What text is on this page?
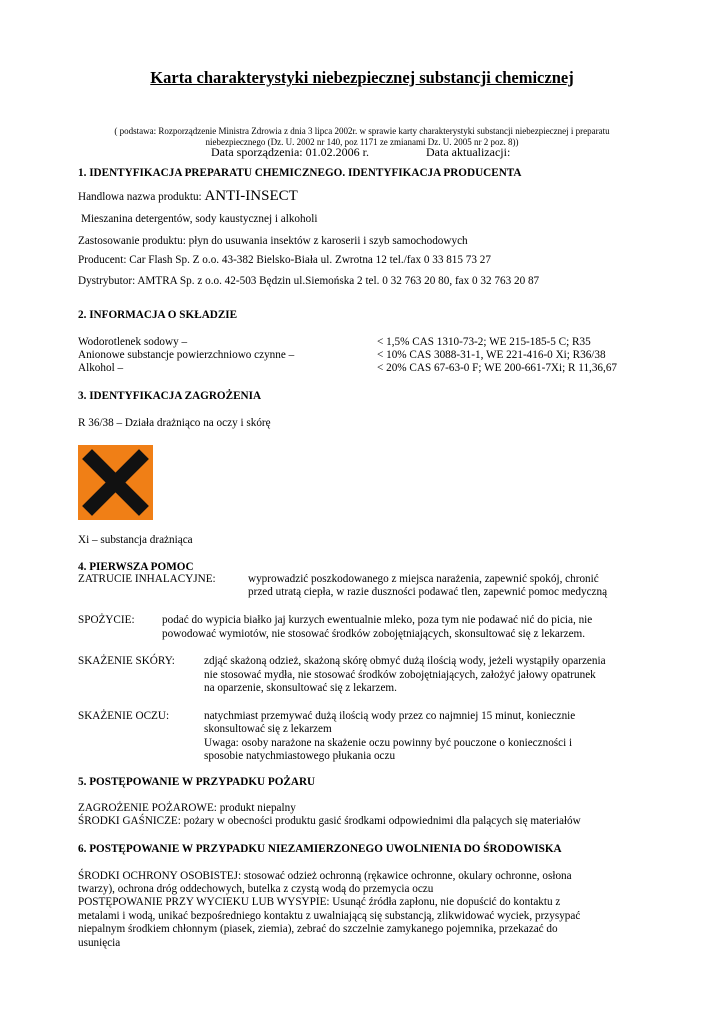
Karta charakterystyki niebezpiecznej substancji chemicznej
( podstawa: Rozporządzenie Ministra Zdrowia z dnia 3 lipca 2002r. w sprawie karty charakterystyki substancji niebezpiecznej i preparatu
niebezpiecznego (Dz. U. 2002 nr 140, poz 1171 ze zmianami Dz. U. 2005 nr 2 poz. 8))
Data sporządzenia: 01.02.2006 r.	Data aktualizacji:
1. IDENTYFIKACJA PREPARATU CHEMICZNEGO. IDENTYFIKACJA PRODUCENTA
Handlowa nazwa produktu: ANTI-INSECT
Mieszanina detergentów, sody kaustycznej i alkoholi
Zastosowanie produktu: płyn do usuwania insektów z karoserii i szyb samochodowych
Producent: Car Flash Sp. Z o.o. 43-382 Bielsko-Biała ul. Zwrotna 12 tel./fax 0 33 815 73 27
Dystrybutor: AMTRA Sp. z o.o. 42-503 Będzin ul.Siemońska 2 tel. 0 32 763 20 80, fax 0 32 763 20 87
2. INFORMACJA O SKŁADZIE
Wodorotlenek sodowy –	< 1,5% CAS 1310-73-2; WE 215-185-5 C; R35
Anionowe substancje powierzchniowo czynne –	< 10% CAS 3088-31-1, WE 221-416-0 Xi; R36/38
Alkohol –	< 20% CAS 67-63-0 F; WE 200-661-7Xi; R 11,36,67
3. IDENTYFIKACJA ZAGROŻENIA
R 36/38 – Działa drażniąco na oczy i skórę
Xi – substancja drażniąca
4. PIERWSZA POMOC
ZATRUCIE INHALACYJNE:	wyprowadzić poszkodowanego z miejsca narażenia, zapewnić spokój, chronić
przed utratą ciepła, w razie duszności podawać tlen, zapewnić pomoc medyczną
SPOŻYCIE: podać do wypicia białko jaj kurzych ewentualnie mleko, poza tym nie podawać nić do picia, nie
powodować wymiotów, nie stosować środków zobojętniających, skonsultować się z lekarzem.
SKAŻENIE SKÓRY:	zdjąć skażoną odzież, skażoną skórę obmyć dużą ilością wody, jeżeli wystąpiły oparzenia
nie stosować mydła, nie stosować środków zobojętniających, założyć jałowy opatrunek
na oparzenie, skonsultować się z lekarzem.
SKAŻENIE OCZU:	natychmiast przemywać dużą ilością wody przez co najmniej 15 minut, koniecznie
skonsultować się z lekarzem
Uwaga: osoby narażone na skażenie oczu powinny być pouczone o konieczności i
sposobie natychmiastowego płukania oczu
5. POSTĘPOWANIE W PRZYPADKU POŻARU
ZAGROŻENIE POŻAROWE: produkt niepalny
ŚRODKI GAŚNICZE: pożary w obecności produktu gasić środkami odpowiednimi dla palących się materiałów
6. POSTĘPOWANIE W PRZYPADKU NIEZAMIERZONEGO UWOLNIENIA DO ŚRODOWISKA
ŚRODKI OCHRONY OSOBISTEJ: stosować odzież ochronną (rękawice ochronne, okulary ochronne, osłona
twarzy), ochrona dróg oddechowych, butelka z czystą wodą do przemycia oczu
POSTĘPOWANIE PRZY WYCIEKU LUB WYSYPIE: Usunąć źródła zapłonu, nie dopuścić do kontaktu z
metalami i wodą, unikać bezpośredniego kontaktu z uwalniającą się substancją, zlikwidować wyciek, przysypać
niepalnym środkiem chłonnym (piasek, ziemia), zebrać do szczelnie zamykanego pojemnika, przekazać do
usunięcia
